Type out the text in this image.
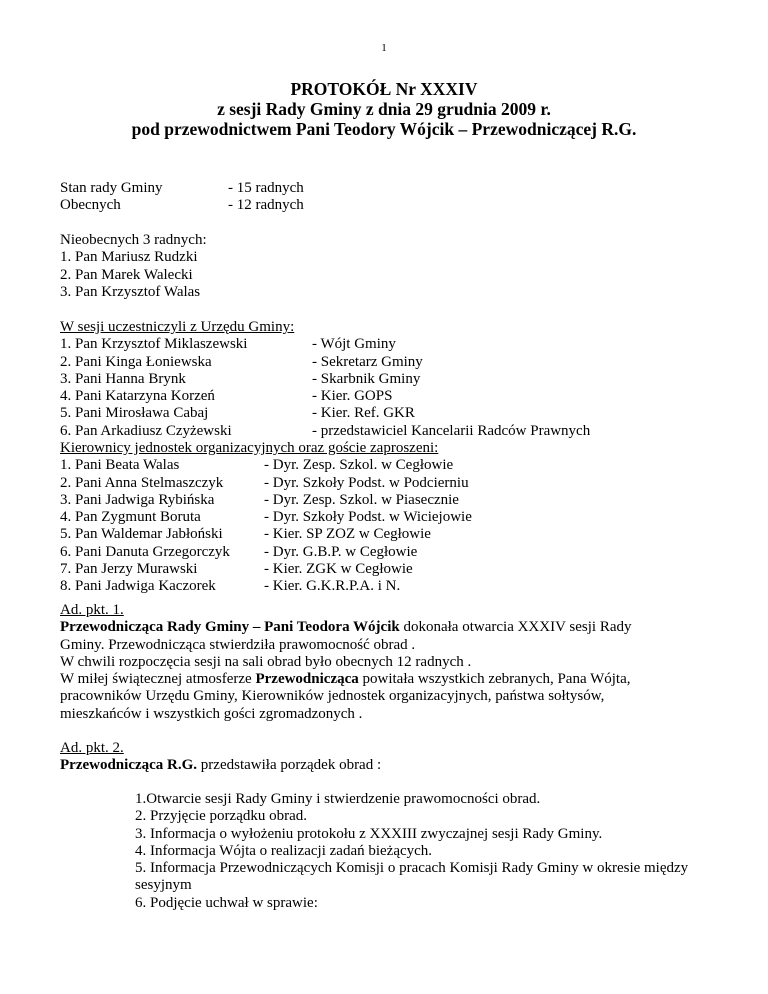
1
PROTOKÓŁ Nr XXXIV
z sesji Rady Gminy z dnia 29 grudnia 2009 r.
pod przewodnictwem Pani Teodory Wójcik – Przewodniczącej R.G.
Stan rady Gminy	- 15 radnych
Obecnych	- 12 radnych
Nieobecnych 3 radnych:
1. Pan Mariusz Rudzki
2. Pan Marek Walecki
3. Pan Krzysztof Walas
W sesji uczestniczyli z Urzędu Gminy:
1. Pan Krzysztof Miklaszewski	- Wójt Gminy
2. Pani Kinga Łoniewska	- Sekretarz Gminy
3. Pani Hanna Brynk	- Skarbnik Gminy
4. Pani Katarzyna Korzeń	- Kier. GOPS
5. Pani Mirosława Cabaj	- Kier. Ref. GKR
6. Pan Arkadiusz Czyżewski	- przedstawiciel Kancelarii Radców Prawnych
Kierownicy jednostek organizacyjnych oraz goście zaproszeni:
1. Pani Beata Walas	- Dyr. Zesp. Szkol. w Cegłowie
2. Pani Anna Stelmaszczyk	- Dyr. Szkoły Podst. w Podcierniu
3. Pani Jadwiga Rybińska	- Dyr. Zesp. Szkol. w Piasecznie
4. Pan Zygmunt Boruta	- Dyr. Szkoły Podst. w Wiciejowie
5. Pan Waldemar Jabłoński	- Kier. SP ZOZ w Cegłowie
6. Pani Danuta Grzegorczyk - Dyr. G.B.P. w Cegłowie
7. Pan Jerzy Murawski	- Kier. ZGK w Cegłowie
8. Pani Jadwiga Kaczorek	- Kier. G.K.R.P.A. i N.
Ad. pkt. 1.
Przewodnicząca Rady Gminy – Pani Teodora Wójcik dokonała otwarcia XXXIV sesji Rady Gminy. Przewodnicząca stwierdziła prawomocność obrad .
W chwili rozpoczęcia sesji na sali obrad było obecnych 12 radnych .
W miłej świątecznej atmosferze Przewodnicząca powitała wszystkich zebranych, Pana Wójta, pracowników Urzędu Gminy, Kierowników jednostek organizacyjnych, państwa sołtysów, mieszkańców i wszystkich gości zgromadzonych .
Ad. pkt. 2.
Przewodnicząca R.G. przedstawiła porządek obrad :
1.Otwarcie sesji Rady Gminy i stwierdzenie prawomocności obrad.
2. Przyjęcie porządku obrad.
3. Informacja o wyłożeniu protokołu z XXXIII zwyczajnej sesji Rady Gminy.
4. Informacja Wójta o realizacji zadań bieżących.
5. Informacja Przewodniczących Komisji o pracach Komisji Rady Gminy w okresie między sesyjnym
6. Podjęcie uchwał w sprawie:
